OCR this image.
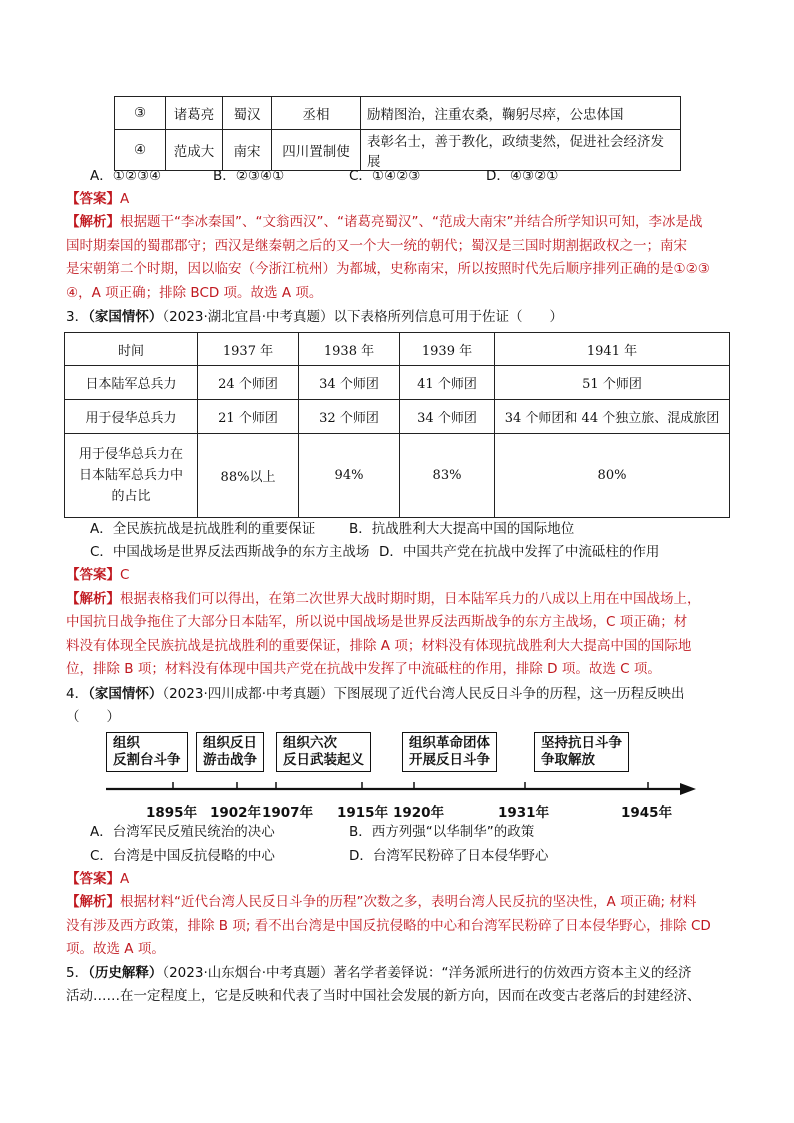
③	诸葛亮	蜀汉	丞相	励精图治，注重农桑，鞠躬尽瘁，公忠体国
④	范成大	南宋	四川置制使	表彰名士，善于教化，政绩斐然，促进社会经济发展
A．①②③④	B．②③④①	C．①④②③	D．④③②①
【答案】A
【解析】根据题干“李冰秦国”、“文翁西汉”、“诸葛亮蜀汉”、“范成大南宋”并结合所学知识可知，李冰是战
国时期秦国的蜀郡郡守；西汉是继秦朝之后的又一个大一统的朝代；蜀汉是三国时期割据政权之一；南宋
是宋朝第二个时期，因以临安（今浙江杭州）为都城，史称南宋，所以按照时代先后顺序排列正确的是①②③
④，A 项正确；排除 BCD 项。故选 A 项。
3．（家国情怀）（2023·湖北宜昌·中考真题）以下表格所列信息可用于佐证（　　）
时间	1937 年	1938 年	1939 年	1941 年
日本陆军总兵力	24 个师团	34 个师团	41 个师团	51 个师团
用于侵华总兵力	21 个师团	32 个师团	34 个师团	34 个师团和 44 个独立旅、混成旅团

用于侵华总兵力在
日本陆军总兵力中
的占比	88%以上	94%	83%	80%
A．全民族抗战是抗战胜利的重要保证	B．抗战胜利大大提高中国的国际地位
C．中国战场是世界反法西斯战争的东方主战场 D．中国共产党在抗战中发挥了中流砥柱的作用
【答案】C
【解析】根据表格我们可以得出，在第二次世界大战时期时期，日本陆军兵力的八成以上用在中国战场上，
中国抗日战争拖住了大部分日本陆军，所以说中国战场是世界反法西斯战争的东方主战场，C 项正确；材
料没有体现全民族抗战是抗战胜利的重要保证，排除 A 项；材料没有体现抗战胜利大大提高中国的国际地
位，排除 B 项；材料没有体现中国共产党在抗战中发挥了中流砥柱的作用，排除 D 项。故选 C 项。
4．（家国情怀）（2023·四川成都·中考真题）下图展现了近代台湾人民反日斗争的历程，这一历程反映出
（　　）
组织
反割台斗争
组织反日
游击战争
组织六次
反日武装起义
组织革命团体
开展反日斗争
坚持抗日斗争
争取解放
1895年 1902年 1907年 1915年 1920年	1931年	1945年
A．台湾军民反殖民统治的决心	B．西方列强“以华制华”的政策
C．台湾是中国反抗侵略的中心	D．台湾军民粉碎了日本侵华野心
【答案】A
【解析】根据材料“近代台湾人民反日斗争的历程”次数之多，表明台湾人民反抗的坚决性，A 项正确; 材料
没有涉及西方政策，排除 B 项; 看不出台湾是中国反抗侵略的中心和台湾军民粉碎了日本侵华野心，排除 CD
项。故选 A 项。
5．（历史解释）（2023·山东烟台·中考真题）著名学者姜铎说：“洋务派所进行的仿效西方资本主义的经济
活动……在一定程度上，它是反映和代表了当时中国社会发展的新方向，因而在改变古老落后的封建经济、
